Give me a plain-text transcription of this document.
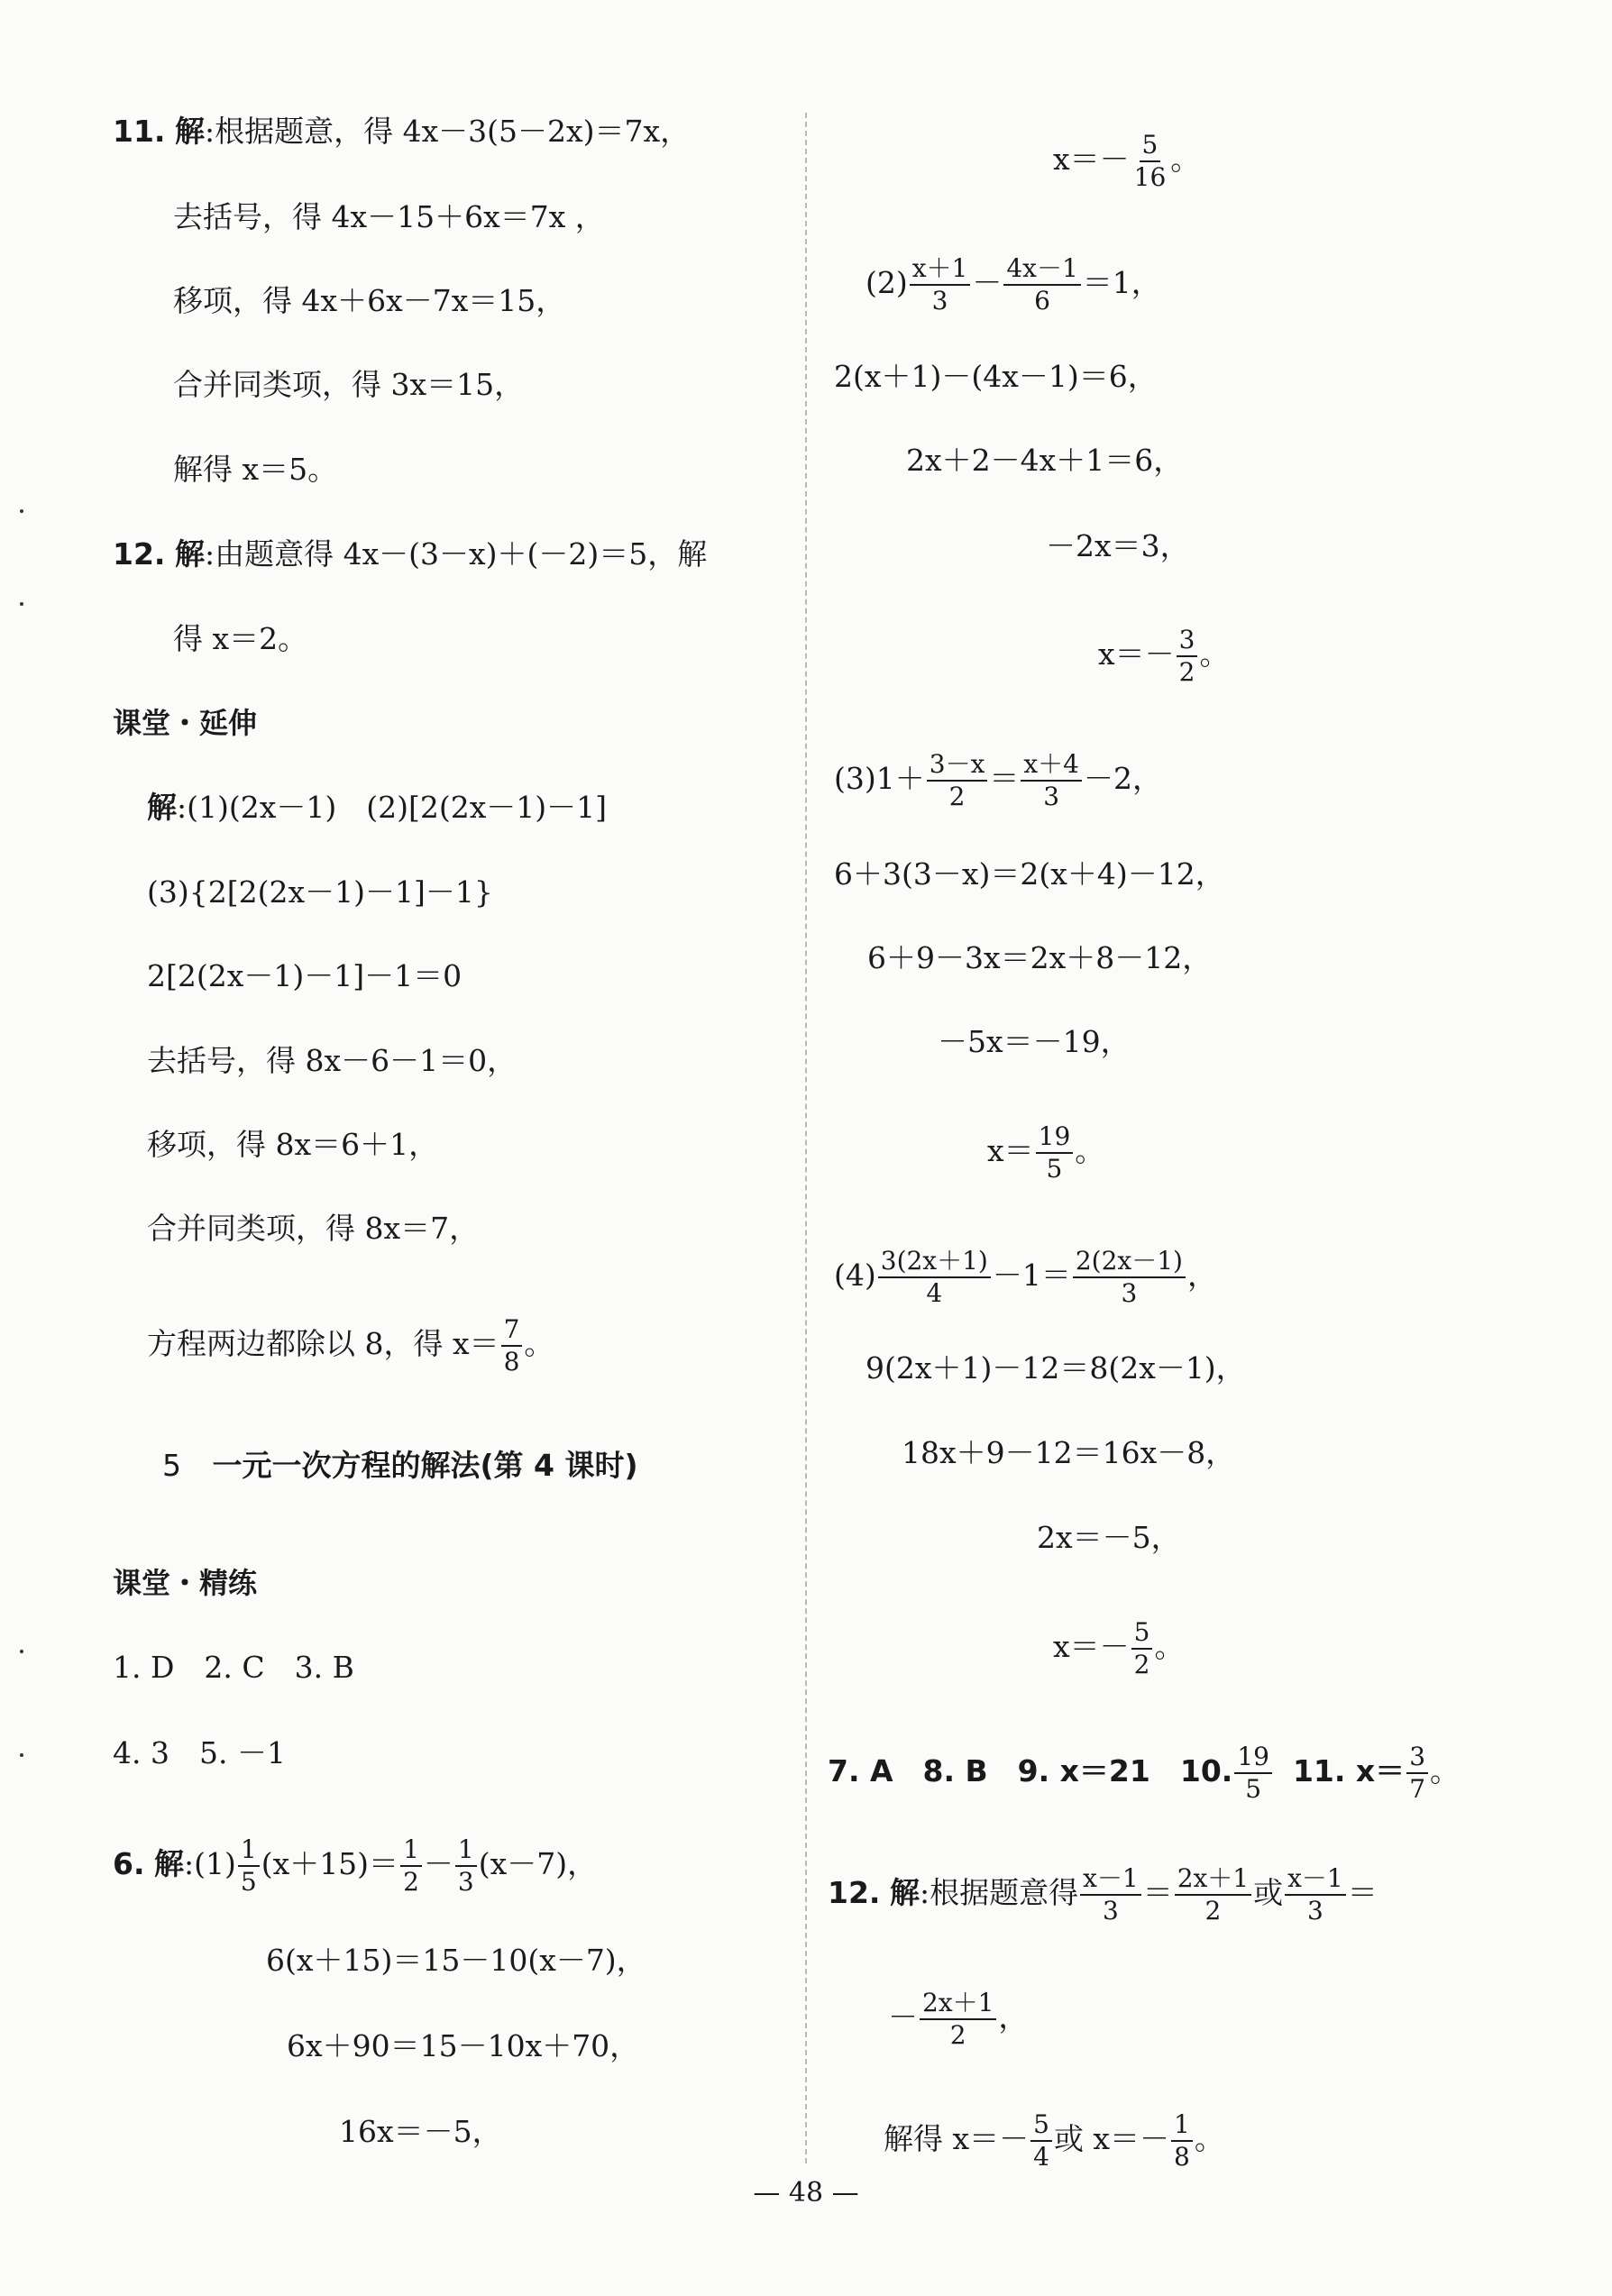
11. 解:根据题意，得 4x－3(5－2x)＝7x，
去括号，得 4x－15＋6x＝7x ，
移项，得 4x＋6x－7x＝15，
合并同类项，得 3x＝15，
解得 x＝5。
12. 解:由题意得 4x－(3－x)＋(－2)＝5，解
得 x＝2。
课堂・延伸
解:(1)(2x－1)　(2)[2(2x－1)－1]
(3){2[2(2x－1)－1]－1}
2[2(2x－1)－1]－1＝0
去括号，得 8x－6－1＝0，
移项，得 8x＝6＋1，
合并同类项，得 8x＝7，
方程两边都除以 8，得 $x= \frac{7}{8}$ 。
5 一元一次方程的解法(第 4 课时)
课堂・精练
1. D　2. C　3. B
4. 3　5. －1
6. 解:(1) $\frac{1}{5} (x+15)= \frac{1}{2} - \frac{1}{3} (x-7)$，
6(x＋15)＝15－10(x－7)，
6x＋90＝15－10x＋70，
16x＝－5，
$x=- \frac{5}{16}$ 。
$(2) \frac{x+1}{3} - \frac{4x-1}{6} =1$，
2(x＋1)－(4x－1)＝6，
2x＋2－4x＋1＝6，
－2x＝3，
$x=- \frac{3}{2}$ 。
$(3)1+ \frac{3-x}{2} = \frac{x+4}{3} -2$，
6＋3(3－x)＝2(x＋4)－12，
6＋9－3x＝2x＋8－12，
－5x＝－19，
$x= \frac{19}{5}$ 。
$(4) \frac{3(2x+1)}{4} -1= \frac{2(2x-1)}{3}$ ，
9(2x＋1)－12＝8(2x－1)，
18x＋9－12＝16x－8，
2x＝－5，
$x=- \frac{5}{2}$ 。
7. A　8. B　9. x＝21　10. $\frac{19}{5} 11$. $x= \frac{3}{7}$ 。
12. 解:根据题意得 $\frac{x-1}{3} = \frac{2x+1}{2}$ 或 $\frac{x-1}{3}$ ＝
－ $\frac{2x+1}{2}$ ，
解得 $x=- \frac{5}{4}$ 或 $x=- \frac{1}{8}$ 。
— 48 —
